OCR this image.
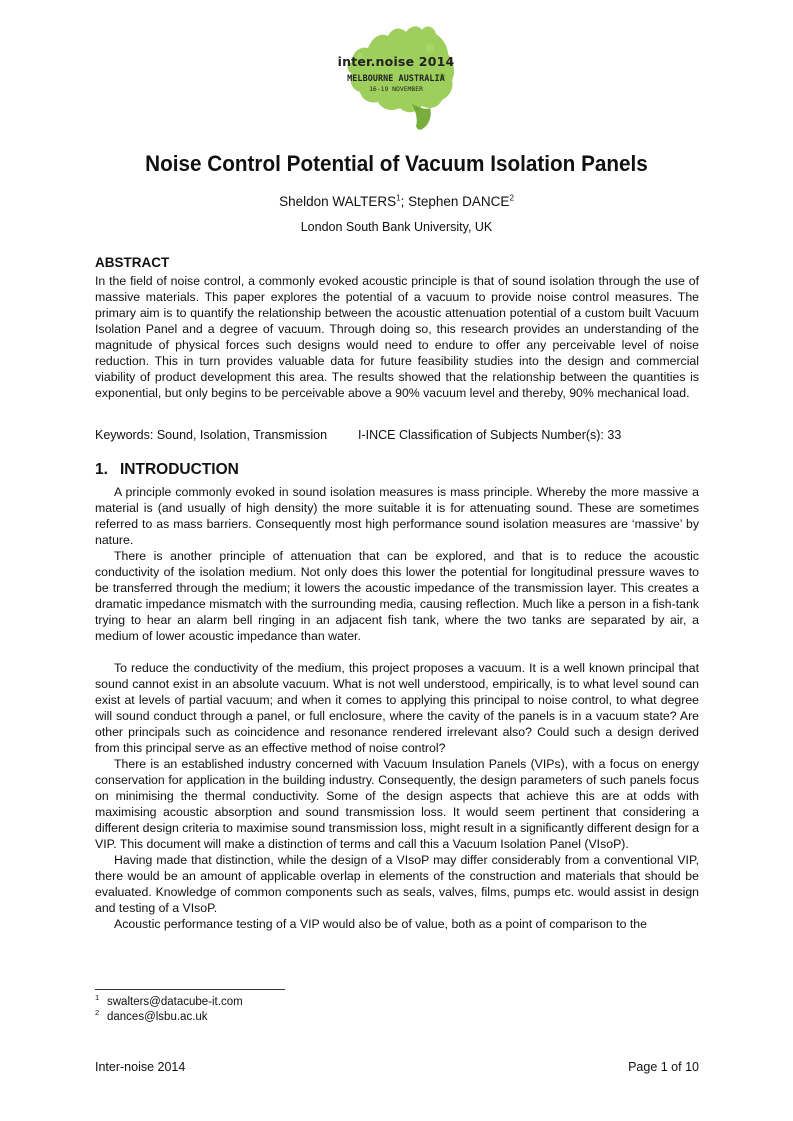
inter.noise 2014
MELBOURNE AUSTRALIA
16-19 NOVEMBER
Noise Control Potential of Vacuum Isolation Panels
Sheldon WALTERS$^1$; Stephen DANCE$^2$
London South Bank University, UK
ABSTRACT

In the field of noise control, a commonly evoked acoustic principle is that of sound isolation through the use of massive materials. This paper explores the potential of a vacuum to provide noise control measures. The primary aim is to quantify the relationship between the acoustic attenuation potential of a custom built Vacuum Isolation Panel and a degree of vacuum. Through doing so, this research provides an understanding of the magnitude of physical forces such designs would need to endure to offer any perceivable level of noise reduction. This in turn provides valuable data for future feasibility studies into the design and commercial viability of product development this area. The results showed that the relationship between the quantities is exponential, but only begins to be perceivable above a 90% vacuum level and thereby, 90% mechanical load.

Keywords: Sound, Isolation, Transmission I-INCE Classification of Subjects Number(s): 33
1. INTRODUCTION

A principle commonly evoked in sound isolation measures is mass principle. Whereby the more massive a material is (and usually of high density) the more suitable it is for attenuating sound. These are sometimes referred to as mass barriers. Consequently most high performance sound isolation measures are ‘massive’ by nature.

There is another principle of attenuation that can be explored, and that is to reduce the acoustic conductivity of the isolation medium. Not only does this lower the potential for longitudinal pressure waves to be transferred through the medium; it lowers the acoustic impedance of the transmission layer. This creates a dramatic impedance mismatch with the surrounding media, causing reflection. Much like a person in a fish-tank trying to hear an alarm bell ringing in an adjacent fish tank, where the two tanks are separated by air, a medium of lower acoustic impedance than water.

To reduce the conductivity of the medium, this project proposes a vacuum. It is a well known principal that sound cannot exist in an absolute vacuum. What is not well understood, empirically, is to what level sound can exist at levels of partial vacuum; and when it comes to applying this principal to noise control, to what degree will sound conduct through a panel, or full enclosure, where the cavity of the panels is in a vacuum state? Are other principals such as coincidence and resonance rendered irrelevant also? Could such a design derived from this principal serve as an effective method of noise control?

There is an established industry concerned with Vacuum Insulation Panels (VIPs), with a focus on energy conservation for application in the building industry. Consequently, the design parameters of such panels focus on minimising the thermal conductivity. Some of the design aspects that achieve this are at odds with maximising acoustic absorption and sound transmission loss. It would seem pertinent that considering a different design criteria to maximise sound transmission loss, might result in a significantly different design for a VIP. This document will make a distinction of terms and call this a Vacuum Isolation Panel (VIsoP).

Having made that distinction, while the design of a VIsoP may differ considerably from a conventional VIP, there would be an amount of applicable overlap in elements of the construction and materials that should be evaluated. Knowledge of common components such as seals, valves, films, pumps etc. would assist in design and testing of a VIsoP.

Acoustic performance testing of a VIP would also be of value, both as a point of comparison to the

$^1$ swalters@datacube-it.com
$^2$ dances@lsbu.ac.uk
Inter-noise 2014	Page 1 of 10
